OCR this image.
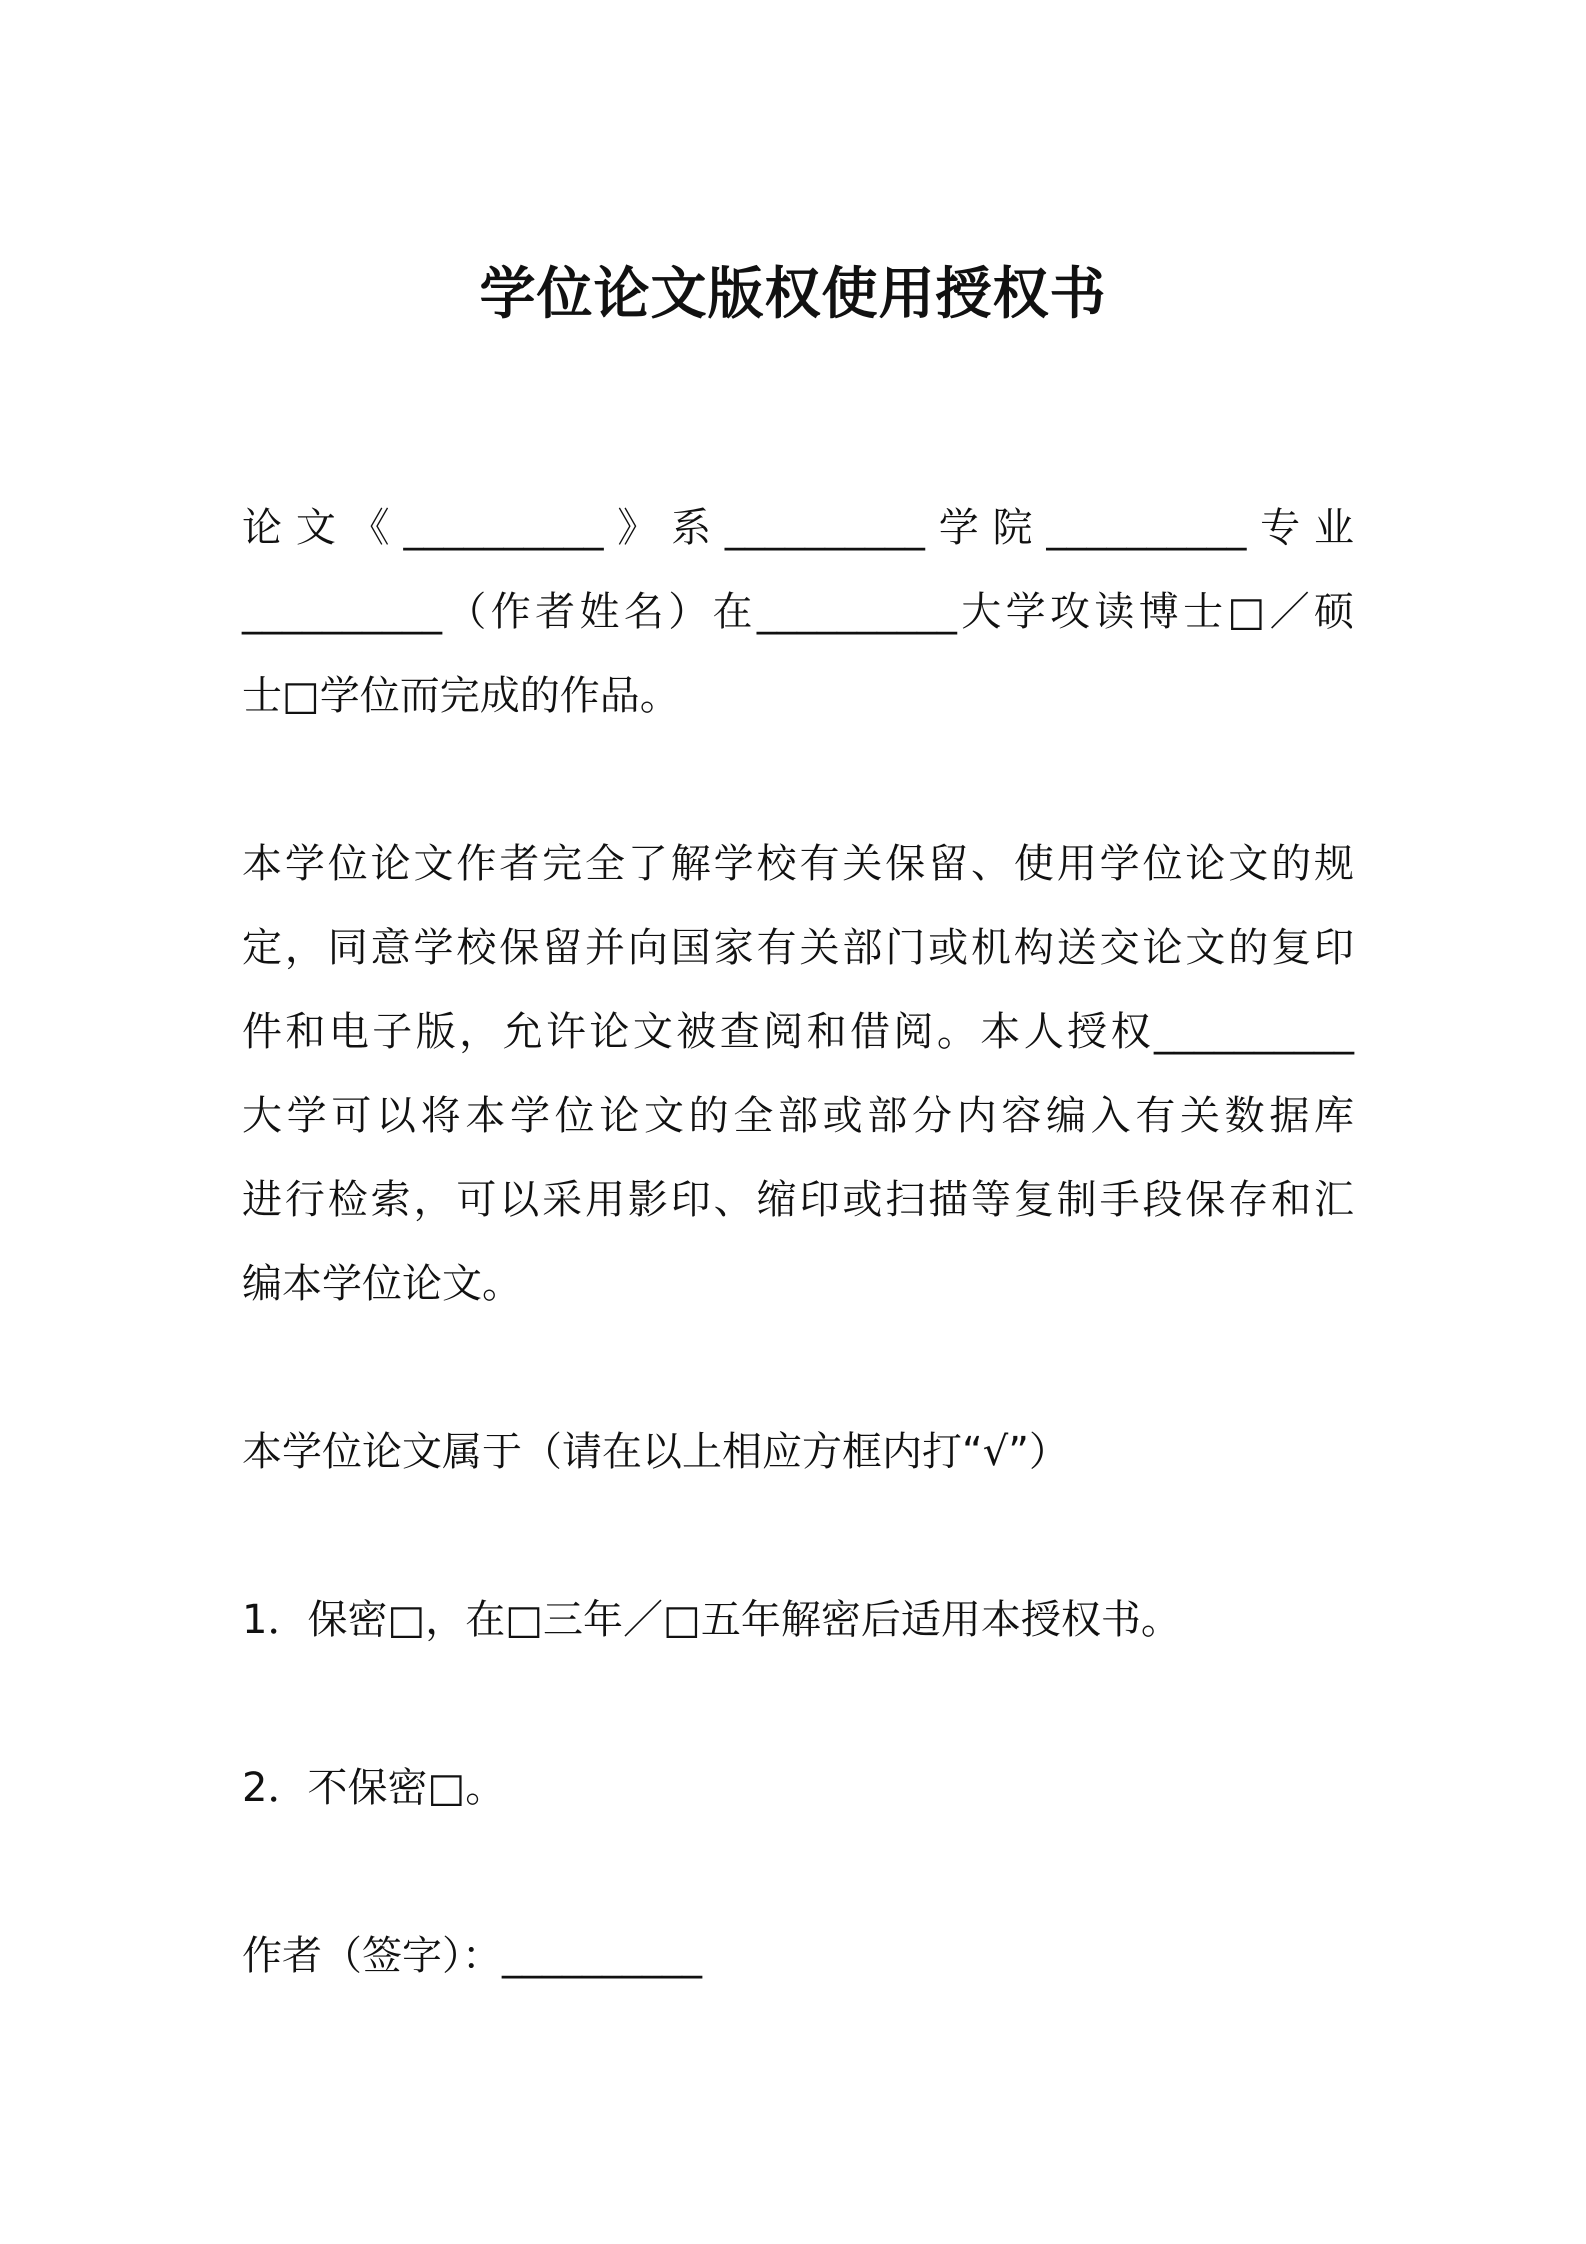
学位论文版权使用授权书

论文《__________》系__________学院__________专业
__________（作者姓名）在__________大学攻读博士□／硕
士□学位而完成的作品。

本学位论文作者完全了解学校有关保留、使用学位论文的规
定，同意学校保留并向国家有关部门或机构送交论文的复印
件和电子版，允许论文被查阅和借阅。本人授权__________
大学可以将本学位论文的全部或部分内容编入有关数据库
进行检索，可以采用影印、缩印或扫描等复制手段保存和汇
编本学位论文。

本学位论文属于（请在以上相应方框内打“√”）

1．保密□，在□三年／□五年解密后适用本授权书。

2．不保密□。

作者（签字）：__________
